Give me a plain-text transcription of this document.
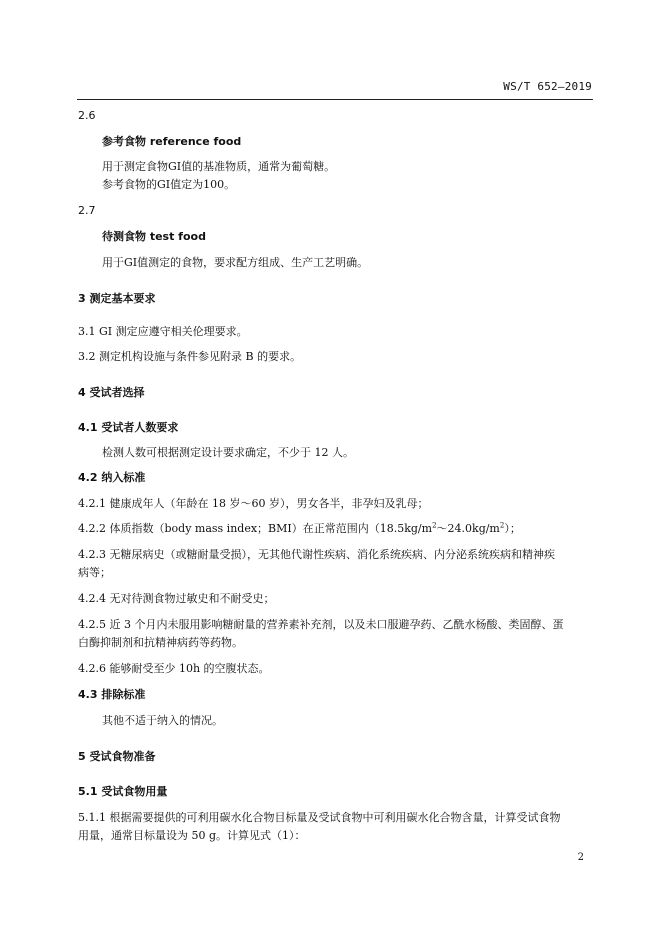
WS/T 652—2019
2.6
参考食物 reference food
用于测定食物GI值的基准物质，通常为葡萄糖。
参考食物的GI值定为100。
2.7
待测食物 test food
用于GI值测定的食物，要求配方组成、生产工艺明确。
3 测定基本要求
3.1 GI 测定应遵守相关伦理要求。
3.2 测定机构设施与条件参见附录 B 的要求。
4 受试者选择
4.1 受试者人数要求
检测人数可根据测定设计要求确定，不少于 12 人。
4.2 纳入标准
4.2.1 健康成年人（年龄在 18 岁～60 岁），男女各半，非孕妇及乳母；
4.2.2 体质指数（body mass index；BMI）在正常范围内$(18.5kg/m^2\sim 24.0kg/m^2)$；
4.2.3 无糖尿病史（或糖耐量受损），无其他代谢性疾病、消化系统疾病、内分泌系统疾病和精神疾
病等；
4.2.4 无对待测食物过敏史和不耐受史；
4.2.5 近 3 个月内未服用影响糖耐量的营养素补充剂，以及未口服避孕药、乙酰水杨酸、类固醇、蛋
白酶抑制剂和抗精神病药等药物。
4.2.6 能够耐受至少 10h 的空腹状态。
4.3 排除标准
其他不适于纳入的情况。
5 受试食物准备
5.1 受试食物用量
5.1.1 根据需要提供的可利用碳水化合物目标量及受试食物中可利用碳水化合物含量，计算受试食物
用量，通常目标量设为 50 g。计算见式（1）：
2
